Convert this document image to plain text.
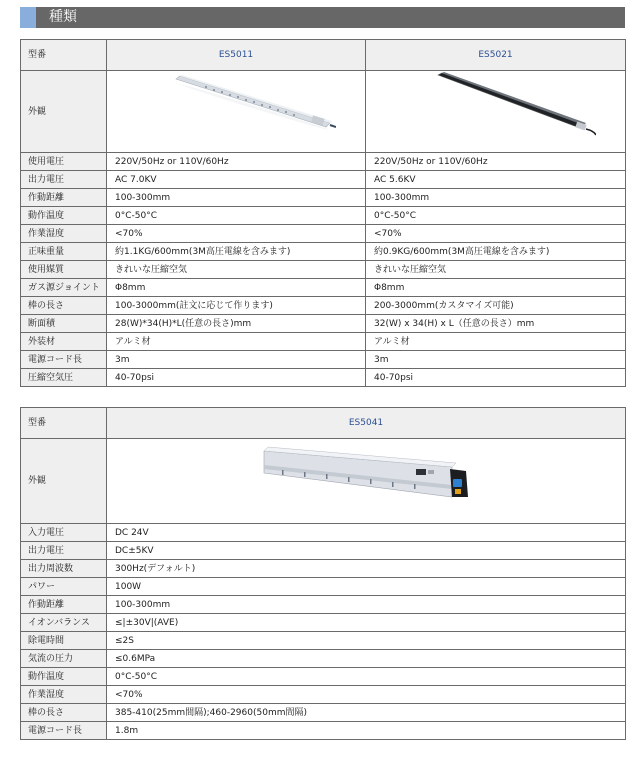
種類
型番	ES5011	ES5021
外観	

使用電圧	220V/50Hz or 110V/60Hz	220V/50Hz or 110V/60Hz
出力電圧	AC 7.0KV	AC 5.6KV
作動距離	100-300mm	100-300mm
動作温度	0°C-50°C	0°C-50°C
作業湿度	<70%	<70%
正味重量	約1.1KG/600mm(3M高圧電線を含みます)	約0.9KG/600mm(3M高圧電線を含みます)
使用媒質	きれいな圧縮空気	きれいな圧縮空気
ガス源ジョイント	Φ8mm	Φ8mm
棒の長さ	100-3000mm(註文に応じて作ります)	200-3000mm(カスタマイズ可能)
断面積	28(W)*34(H)*L(任意の長さ)mm	32(W) x 34(H) x L（任意の長さ）mm
外装材	アルミ材	アルミ材
電源コード長	3m	3m
圧縮空気圧	40-70psi	40-70psi
型番	ES5041
外観	

入力電圧	DC 24V
出力電圧	DC±5KV
出力周波数	300Hz(デフォルト)
パワー	100W
作動距離	100-300mm
イオンバランス	≤|±30V|(AVE)
除電時間	≤2S
気流の圧力	≤0.6MPa
動作温度	0°C-50°C
作業湿度	<70%
棒の長さ	385-410(25mm間隔);460-2960(50mm間隔)
電源コード長	1.8m
